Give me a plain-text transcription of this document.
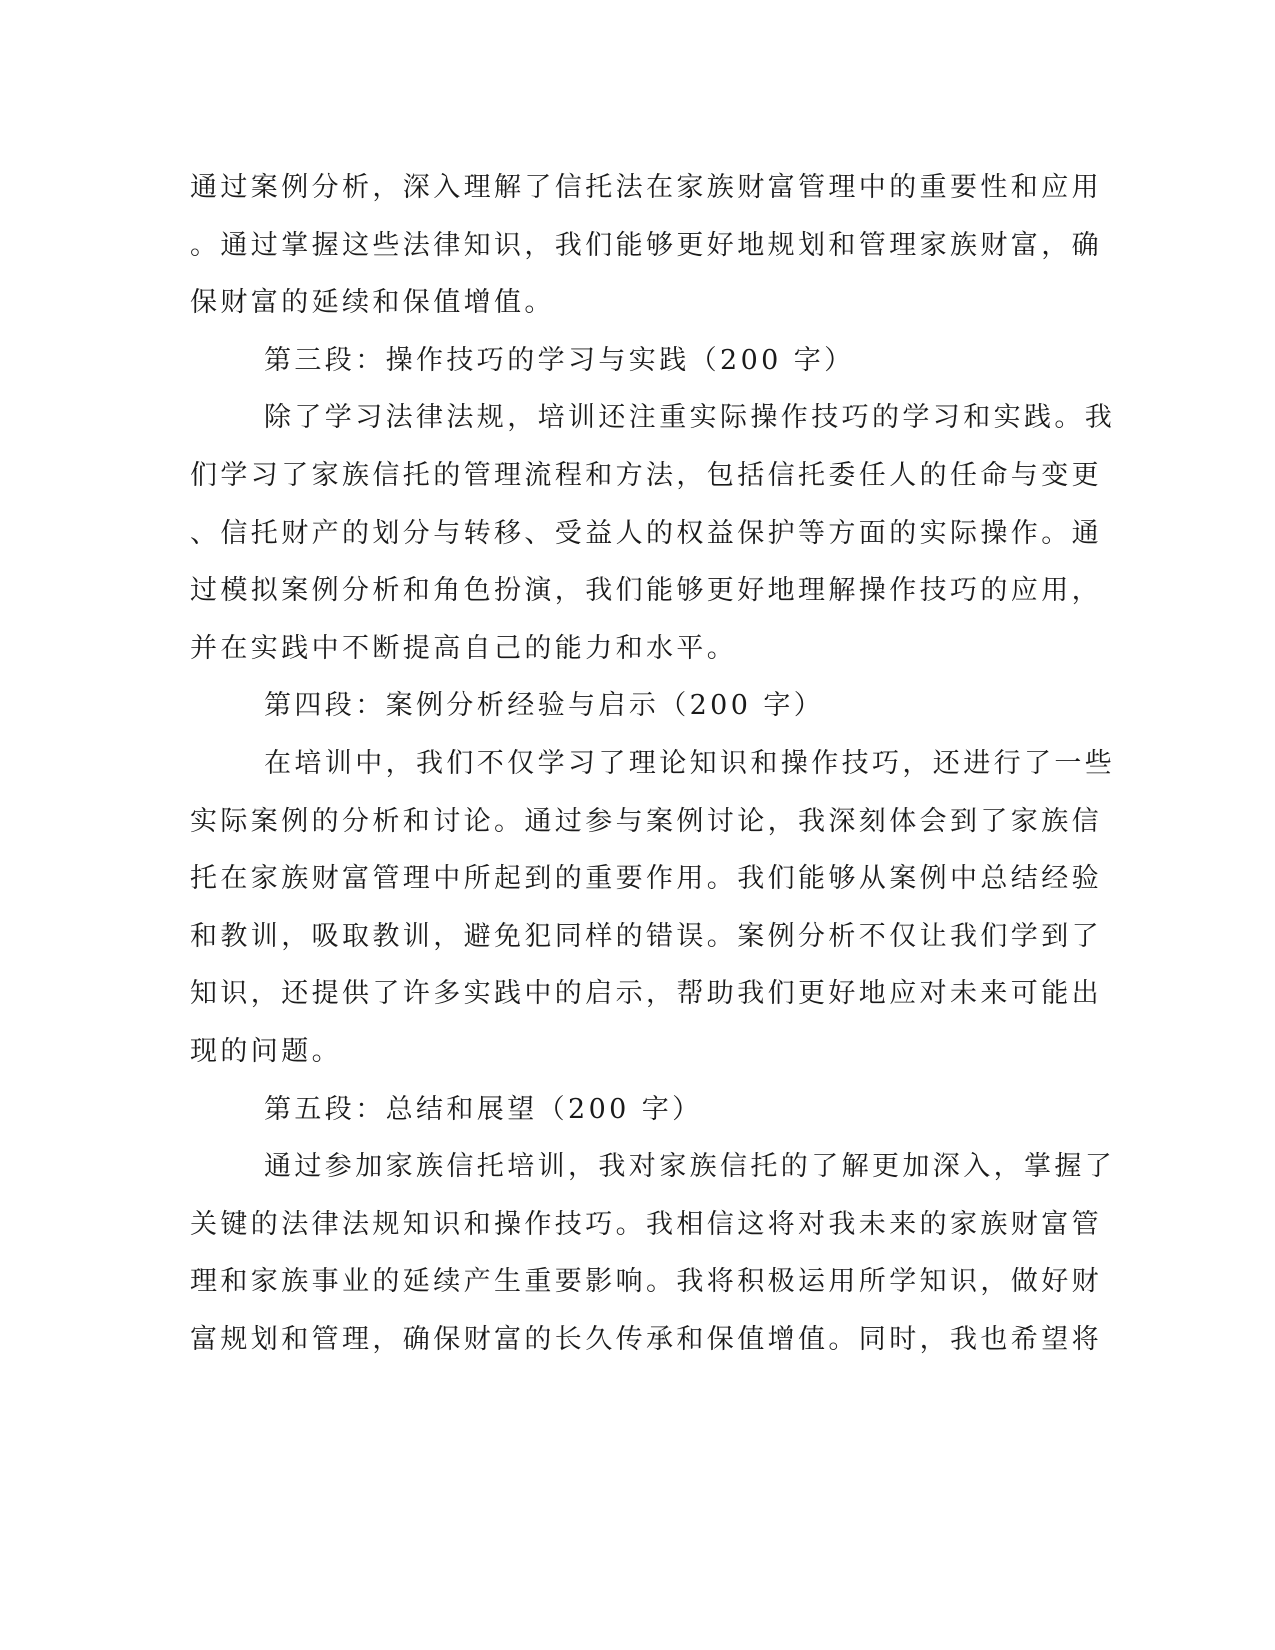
通过案例分析，深入理解了信托法在家族财富管理中的重要性和应用
。通过掌握这些法律知识，我们能够更好地规划和管理家族财富，确
保财富的延续和保值增值。
第三段：操作技巧的学习与实践（200 字）
除了学习法律法规，培训还注重实际操作技巧的学习和实践。我
们学习了家族信托的管理流程和方法，包括信托委任人的任命与变更
、信托财产的划分与转移、受益人的权益保护等方面的实际操作。通
过模拟案例分析和角色扮演，我们能够更好地理解操作技巧的应用，
并在实践中不断提高自己的能力和水平。
第四段：案例分析经验与启示（200 字）
在培训中，我们不仅学习了理论知识和操作技巧，还进行了一些
实际案例的分析和讨论。通过参与案例讨论，我深刻体会到了家族信
托在家族财富管理中所起到的重要作用。我们能够从案例中总结经验
和教训，吸取教训，避免犯同样的错误。案例分析不仅让我们学到了
知识，还提供了许多实践中的启示，帮助我们更好地应对未来可能出
现的问题。
第五段：总结和展望（200 字）
通过参加家族信托培训，我对家族信托的了解更加深入，掌握了
关键的法律法规知识和操作技巧。我相信这将对我未来的家族财富管
理和家族事业的延续产生重要影响。我将积极运用所学知识，做好财
富规划和管理，确保财富的长久传承和保值增值。同时，我也希望将
